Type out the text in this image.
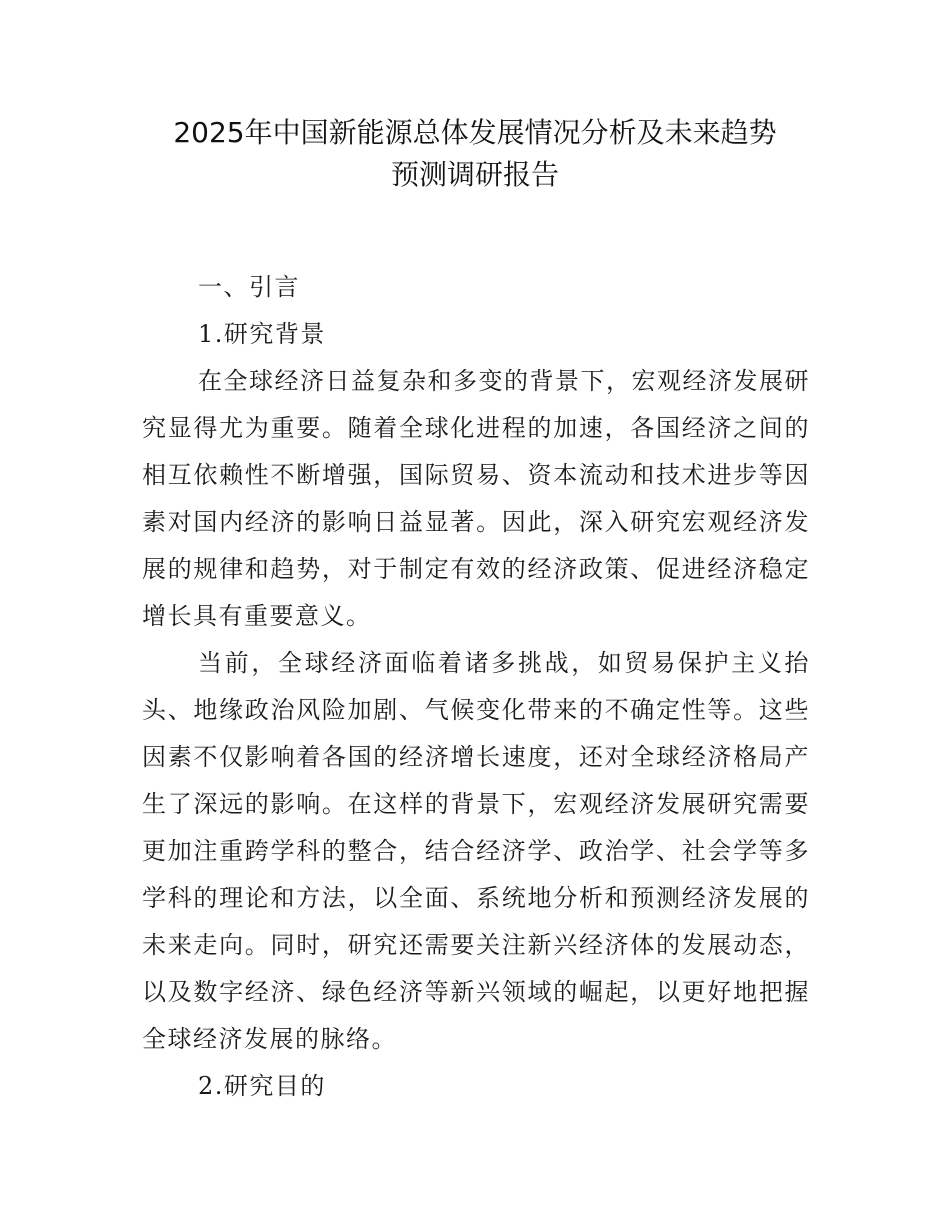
2025年中国新能源总体发展情况分析及未来趋势
预测调研报告
一、引言
1.研究背景

在全球经济日益复杂和多变的背景下，宏观经济发展研究显得尤为重要。随着全球化进程的加速，各国经济之间的相互依赖性不断增强，国际贸易、资本流动和技术进步等因素对国内经济的影响日益显著。因此，深入研究宏观经济发展的规律和趋势，对于制定有效的经济政策、促进经济稳定增长具有重要意义。

当前，全球经济面临着诸多挑战，如贸易保护主义抬头、地缘政治风险加剧、气候变化带来的不确定性等。这些因素不仅影响着各国的经济增长速度，还对全球经济格局产生了深远的影响。在这样的背景下，宏观经济发展研究需要更加注重跨学科的整合，结合经济学、政治学、社会学等多学科的理论和方法，以全面、系统地分析和预测经济发展的未来走向。同时，研究还需要关注新兴经济体的发展动态，以及数字经济、绿色经济等新兴领域的崛起，以更好地把握全球经济发展的脉络。

2.研究目的
